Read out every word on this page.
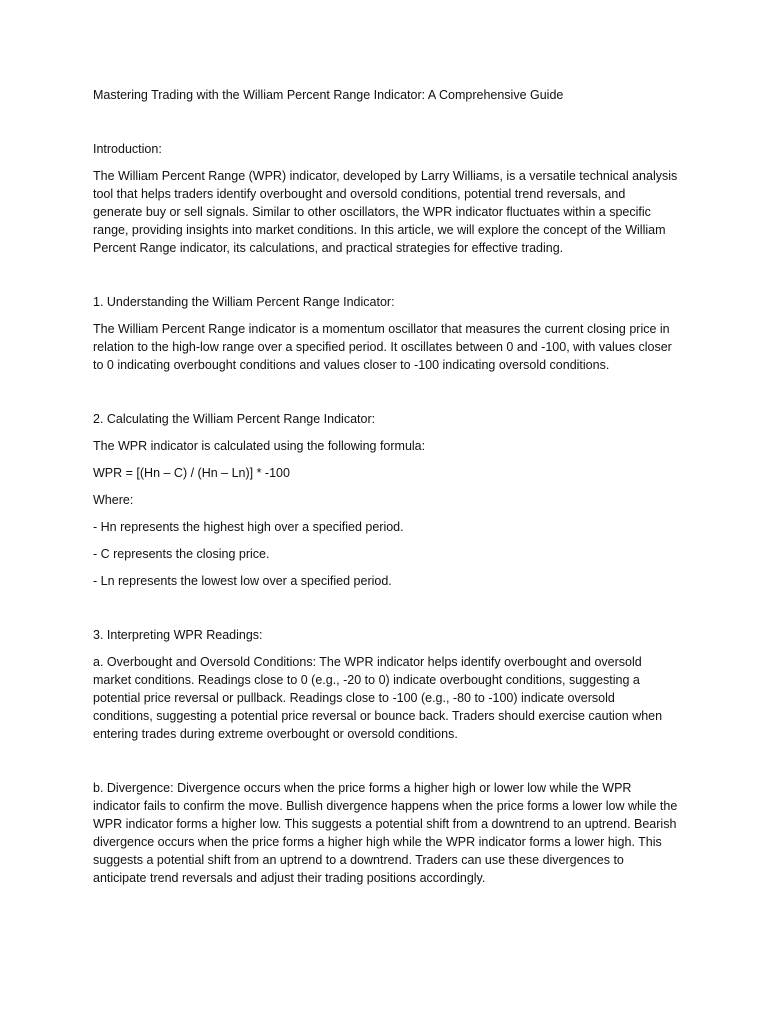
Mastering Trading with the William Percent Range Indicator: A Comprehensive Guide

Introduction:

The William Percent Range (WPR) indicator, developed by Larry Williams, is a versatile technical analysis tool that helps traders identify overbought and oversold conditions, potential trend reversals, and generate buy or sell signals. Similar to other oscillators, the WPR indicator fluctuates within a specific range, providing insights into market conditions. In this article, we will explore the concept of the William Percent Range indicator, its calculations, and practical strategies for effective trading.

1. Understanding the William Percent Range Indicator:

The William Percent Range indicator is a momentum oscillator that measures the current closing price in relation to the high-low range over a specified period. It oscillates between 0 and -100, with values closer to 0 indicating overbought conditions and values closer to -100 indicating oversold conditions.

2. Calculating the William Percent Range Indicator:

The WPR indicator is calculated using the following formula:

WPR = [(Hn – C) / (Hn – Ln)] * -100

Where:

- Hn represents the highest high over a specified period.

- C represents the closing price.

- Ln represents the lowest low over a specified period.

3. Interpreting WPR Readings:

a. Overbought and Oversold Conditions: The WPR indicator helps identify overbought and oversold market conditions. Readings close to 0 (e.g., -20 to 0) indicate overbought conditions, suggesting a potential price reversal or pullback. Readings close to -100 (e.g., -80 to -100) indicate oversold conditions, suggesting a potential price reversal or bounce back. Traders should exercise caution when entering trades during extreme overbought or oversold conditions.

b. Divergence: Divergence occurs when the price forms a higher high or lower low while the WPR indicator fails to confirm the move. Bullish divergence happens when the price forms a lower low while the WPR indicator forms a higher low. This suggests a potential shift from a downtrend to an uptrend. Bearish divergence occurs when the price forms a higher high while the WPR indicator forms a lower high. This suggests a potential shift from an uptrend to a downtrend. Traders can use these divergences to anticipate trend reversals and adjust their trading positions accordingly.
